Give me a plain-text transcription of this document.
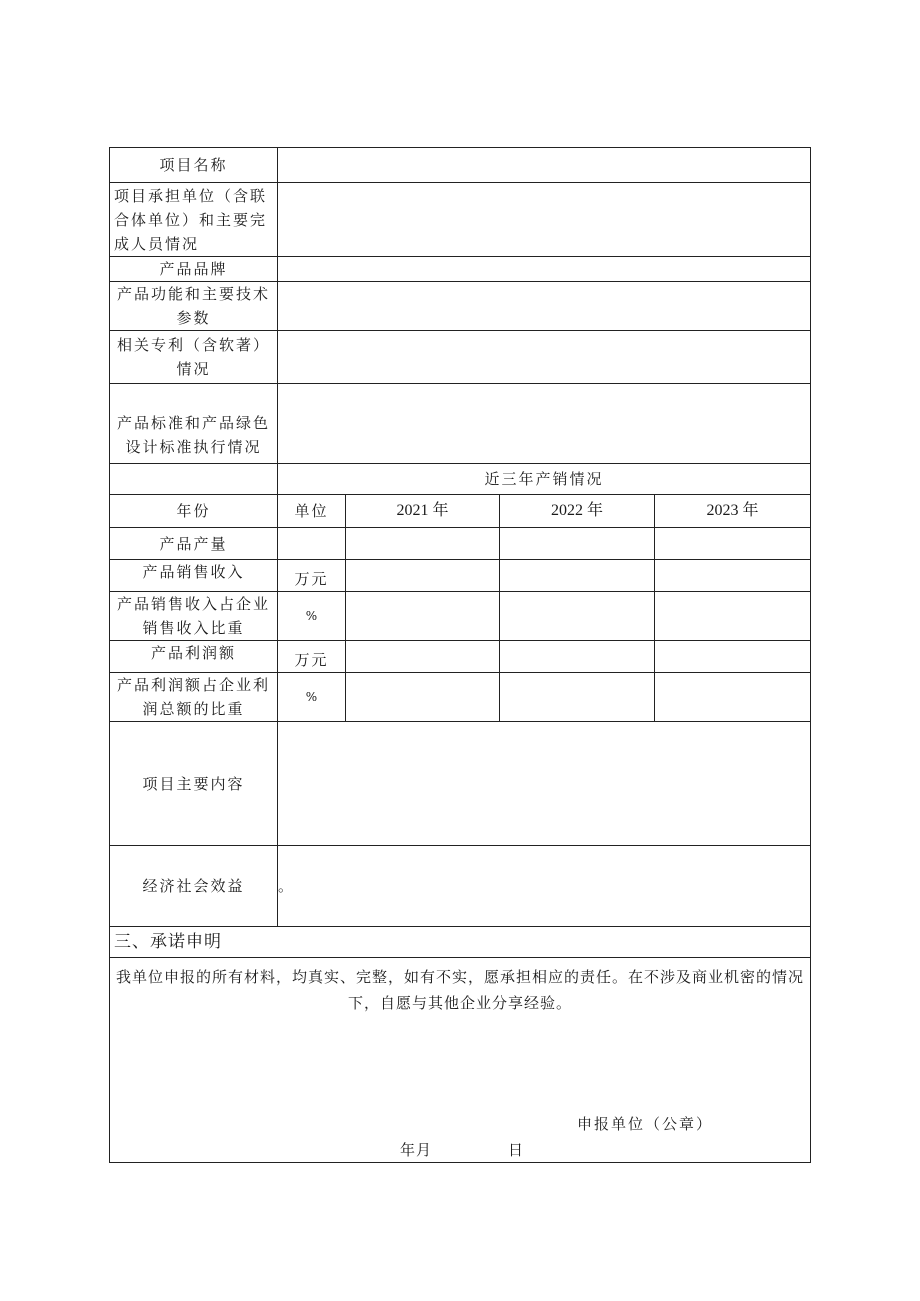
项目名称				
项目承担单位（含联合体单位）和主要完成人员情况				
产品品牌				
产品功能和主要技术参数				
相关专利（含软著）情况				
产品标准和产品绿色设计标准执行情况				
	近三年产销情况			
年份	单位	2021 年	2022 年	2023 年
产品产量				
产品销售收入	万元			
产品销售收入占企业销售收入比重	%			
产品利润额	万元			
产品利润额占企业利润总额的比重	%			
项目主要内容				
经济社会效益	。			
三、承诺申明				

我单位申报的所有材料，均真实、完整，如有不实，愿承担相应的责任。在不涉及商业机密的情况下，自愿与其他企业分享经验。
申报单位（公章）
年月 日				
